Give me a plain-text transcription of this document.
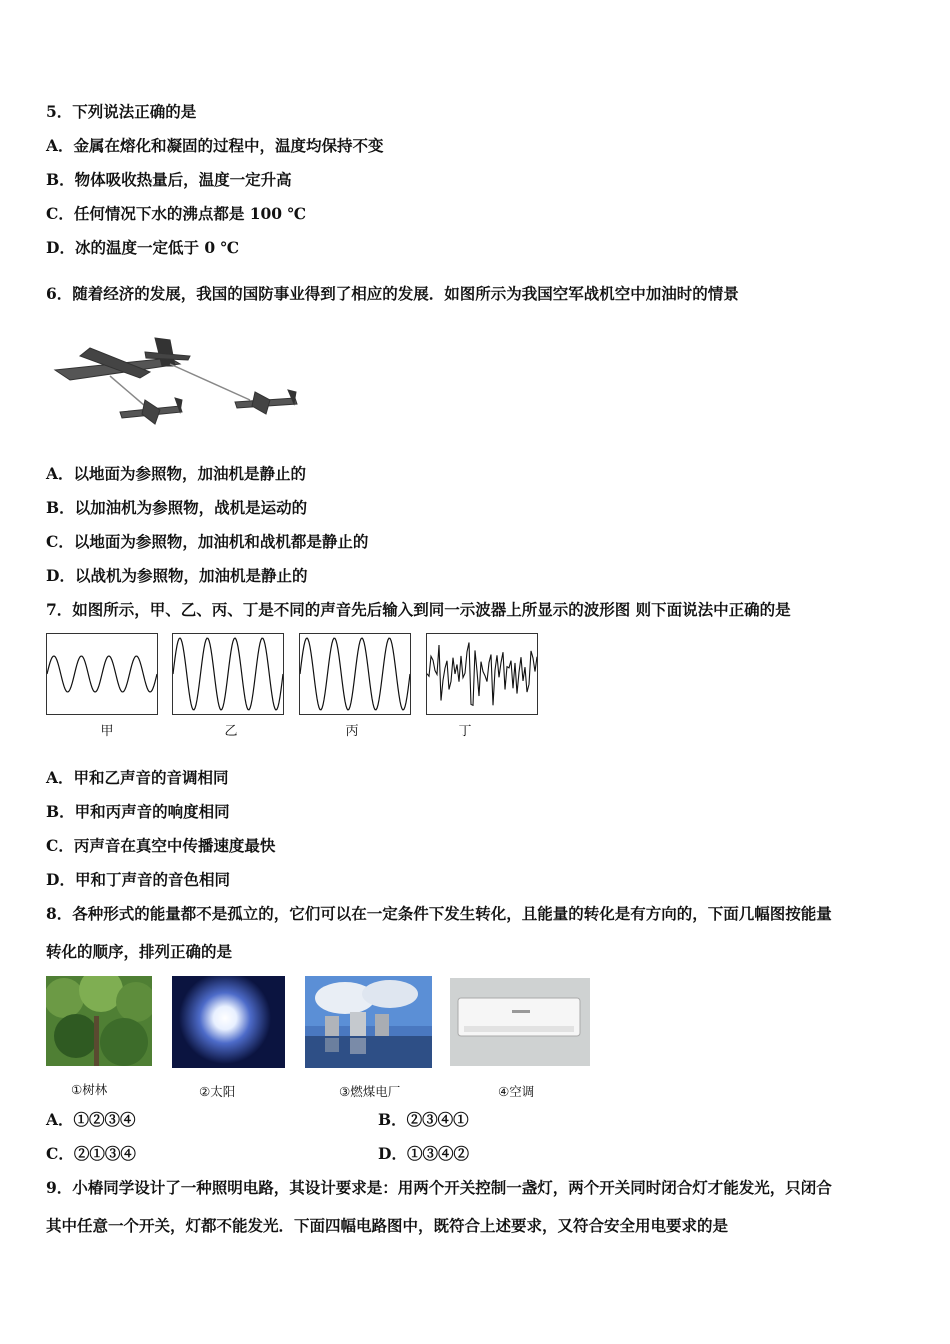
5．下列说法正确的是
A．金属在熔化和凝固的过程中，温度均保持不变
B．物体吸收热量后，温度一定升高
C．任何情况下水的沸点都是 100 ℃
D．冰的温度一定低于 0 ℃
6．随着经济的发展，我国的国防事业得到了相应的发展．如图所示为我国空军战机空中加油时的情景
A．以地面为参照物，加油机是静止的
B．以加油机为参照物，战机是运动的
C．以地面为参照物，加油机和战机都是静止的
D．以战机为参照物，加油机是静止的
7．如图所示，甲、乙、丙、丁是不同的声音先后输入到同一示波器上所显示的波形图 则下面说法中正确的是
甲	乙	丙	丁
A．甲和乙声音的音调相同
B．甲和丙声音的响度相同
C．丙声音在真空中传播速度最快
D．甲和丁声音的音色相同
8．各种形式的能量都不是孤立的，它们可以在一定条件下发生转化，且能量的转化是有方向的，下面几幅图按能量
转化的顺序，排列正确的是
①树林	②太阳	③燃煤电厂	④空调
A．①②③④	B．②③④①
C．②①③④	D．①③④②
9．小椿同学设计了一种照明电路，其设计要求是：用两个开关控制一盏灯，两个开关同时闭合灯才能发光，只闭合
其中任意一个开关，灯都不能发光．下面四幅电路图中，既符合上述要求，又符合安全用电要求的是
